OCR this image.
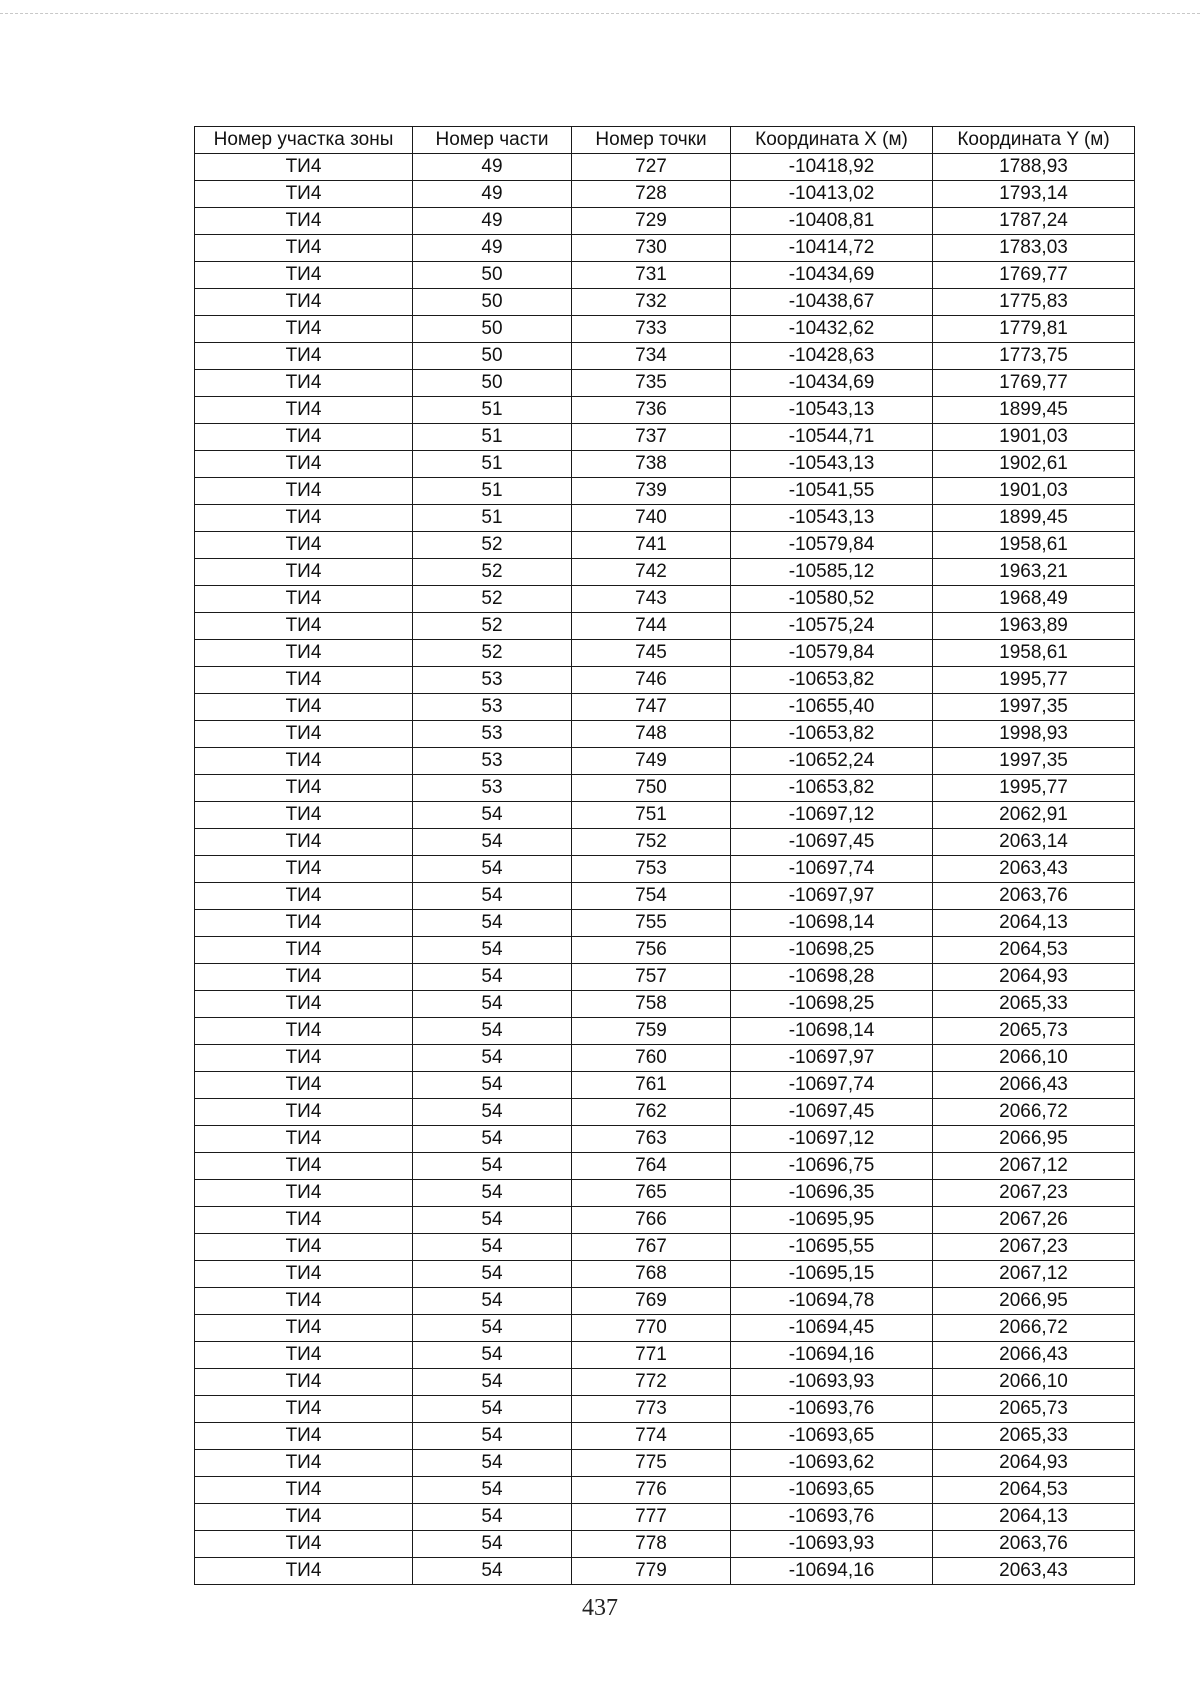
Номер участка зоны	Номер части	Номер точки	Координата X (м)	Координата Y (м)
ТИ4	49	727	-10418,92	1788,93
ТИ4	49	728	-10413,02	1793,14
ТИ4	49	729	-10408,81	1787,24
ТИ4	49	730	-10414,72	1783,03
ТИ4	50	731	-10434,69	1769,77
ТИ4	50	732	-10438,67	1775,83
ТИ4	50	733	-10432,62	1779,81
ТИ4	50	734	-10428,63	1773,75
ТИ4	50	735	-10434,69	1769,77
ТИ4	51	736	-10543,13	1899,45
ТИ4	51	737	-10544,71	1901,03
ТИ4	51	738	-10543,13	1902,61
ТИ4	51	739	-10541,55	1901,03
ТИ4	51	740	-10543,13	1899,45
ТИ4	52	741	-10579,84	1958,61
ТИ4	52	742	-10585,12	1963,21
ТИ4	52	743	-10580,52	1968,49
ТИ4	52	744	-10575,24	1963,89
ТИ4	52	745	-10579,84	1958,61
ТИ4	53	746	-10653,82	1995,77
ТИ4	53	747	-10655,40	1997,35
ТИ4	53	748	-10653,82	1998,93
ТИ4	53	749	-10652,24	1997,35
ТИ4	53	750	-10653,82	1995,77
ТИ4	54	751	-10697,12	2062,91
ТИ4	54	752	-10697,45	2063,14
ТИ4	54	753	-10697,74	2063,43
ТИ4	54	754	-10697,97	2063,76
ТИ4	54	755	-10698,14	2064,13
ТИ4	54	756	-10698,25	2064,53
ТИ4	54	757	-10698,28	2064,93
ТИ4	54	758	-10698,25	2065,33
ТИ4	54	759	-10698,14	2065,73
ТИ4	54	760	-10697,97	2066,10
ТИ4	54	761	-10697,74	2066,43
ТИ4	54	762	-10697,45	2066,72
ТИ4	54	763	-10697,12	2066,95
ТИ4	54	764	-10696,75	2067,12
ТИ4	54	765	-10696,35	2067,23
ТИ4	54	766	-10695,95	2067,26
ТИ4	54	767	-10695,55	2067,23
ТИ4	54	768	-10695,15	2067,12
ТИ4	54	769	-10694,78	2066,95
ТИ4	54	770	-10694,45	2066,72
ТИ4	54	771	-10694,16	2066,43
ТИ4	54	772	-10693,93	2066,10
ТИ4	54	773	-10693,76	2065,73
ТИ4	54	774	-10693,65	2065,33
ТИ4	54	775	-10693,62	2064,93
ТИ4	54	776	-10693,65	2064,53
ТИ4	54	777	-10693,76	2064,13
ТИ4	54	778	-10693,93	2063,76
ТИ4	54	779	-10694,16	2063,43
437
